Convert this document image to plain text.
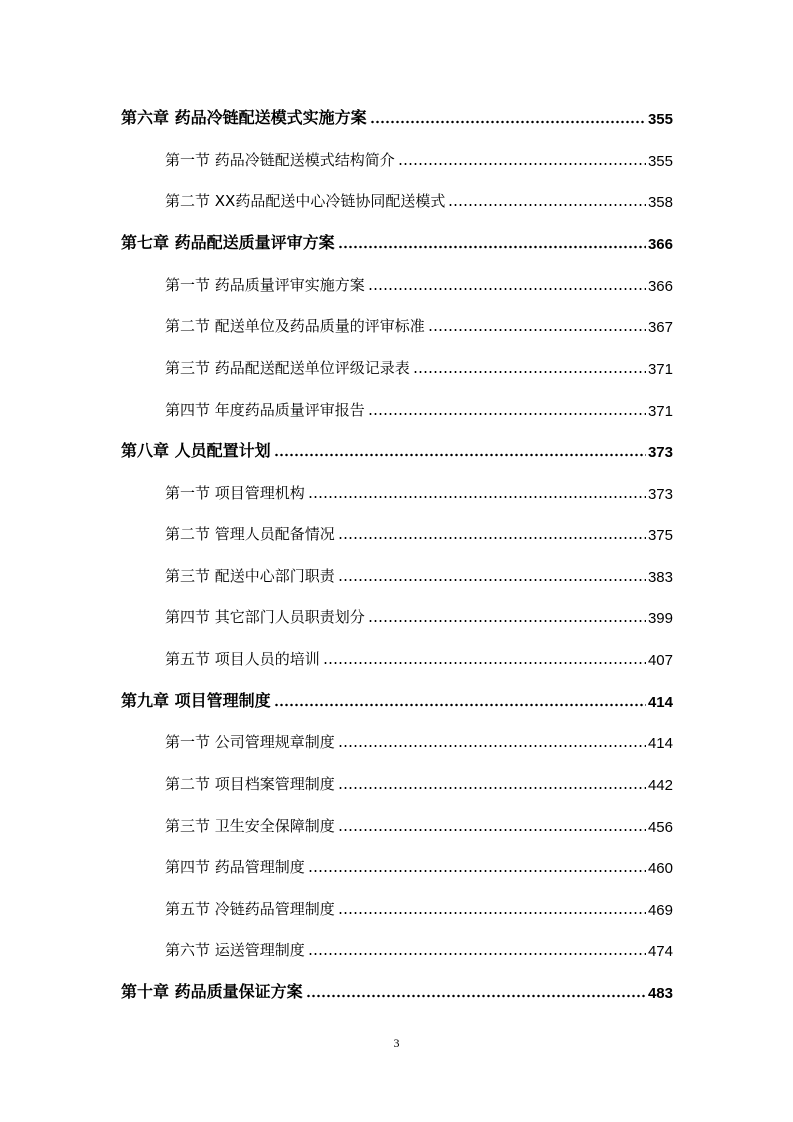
第六章 药品冷链配送模式实施方案	355
第一节 药品冷链配送模式结构简介	355
第二节 XX药品配送中心冷链协同配送模式	358
第七章 药品配送质量评审方案	366
第一节 药品质量评审实施方案	366
第二节 配送单位及药品质量的评审标准	367
第三节 药品配送配送单位评级记录表	371
第四节 年度药品质量评审报告	371
第八章 人员配置计划	373
第一节 项目管理机构	373
第二节 管理人员配备情况	375
第三节 配送中心部门职责	383
第四节 其它部门人员职责划分	399
第五节 项目人员的培训	407
第九章 项目管理制度	414
第一节 公司管理规章制度	414
第二节 项目档案管理制度	442
第三节 卫生安全保障制度	456
第四节 药品管理制度	460
第五节 冷链药品管理制度	469
第六节 运送管理制度	474
第十章 药品质量保证方案	483
3
